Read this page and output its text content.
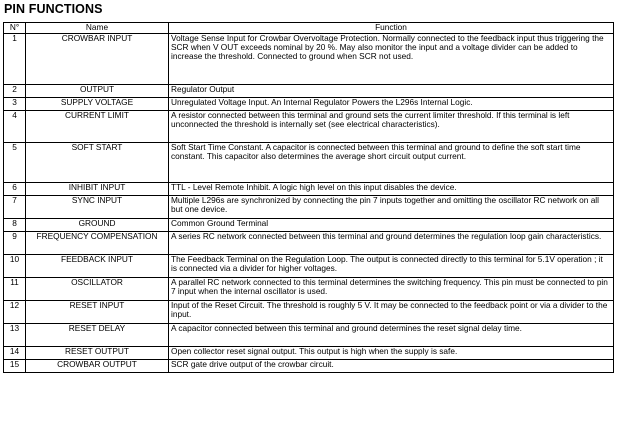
PIN FUNCTIONS
N°	Name	Function
1	CROWBAR INPUT	Voltage Sense Input for Crowbar Overvoltage Protection. Normally connected to the feedback input thus triggering the SCR when V OUT exceeds nominal by 20 %. May also monitor the input and a voltage divider can be added to increase the threshold. Connected to ground when SCR not used.
2	OUTPUT	Regulator Output
3	SUPPLY VOLTAGE	Unregulated Voltage Input. An Internal Regulator Powers the L296s Internal Logic.
4	CURRENT LIMIT	A resistor connected between this terminal and ground sets the current limiter threshold. If this terminal is left unconnected the threshold is internally set (see electrical characteristics).
5	SOFT START	Soft Start Time Constant. A capacitor is connected between this terminal and ground to define the soft start time constant. This capacitor also determines the average short circuit output current.
6	INHIBIT INPUT	TTL - Level Remote Inhibit. A logic high level on this input disables the device.
7	SYNC INPUT	Multiple L296s are synchronized by connecting the pin 7 inputs together and omitting the oscillator RC network on all but one device.
8	GROUND	Common Ground Terminal
9	FREQUENCY COMPENSATION	A series RC network connected between this terminal and ground determines the regulation loop gain characteristics.
10	FEEDBACK INPUT	The Feedback Terminal on the Regulation Loop. The output is connected directly to this terminal for 5.1V operation ; it is connected via a divider for higher voltages.
11	OSCILLATOR	A parallel RC network connected to this terminal determines the switching frequency. This pin must be connected to pin 7 input when the internal oscillator is used.
12	RESET INPUT	Input of the Reset Circuit. The threshold is roughly 5 V. It may be connected to the feedback point or via a divider to the input.
13	RESET DELAY	A capacitor connected between this terminal and ground determines the reset signal delay time.
14	RESET OUTPUT	Open collector reset signal output. This output is high when the supply is safe.
15	CROWBAR OUTPUT	SCR gate drive output of the crowbar circuit.
